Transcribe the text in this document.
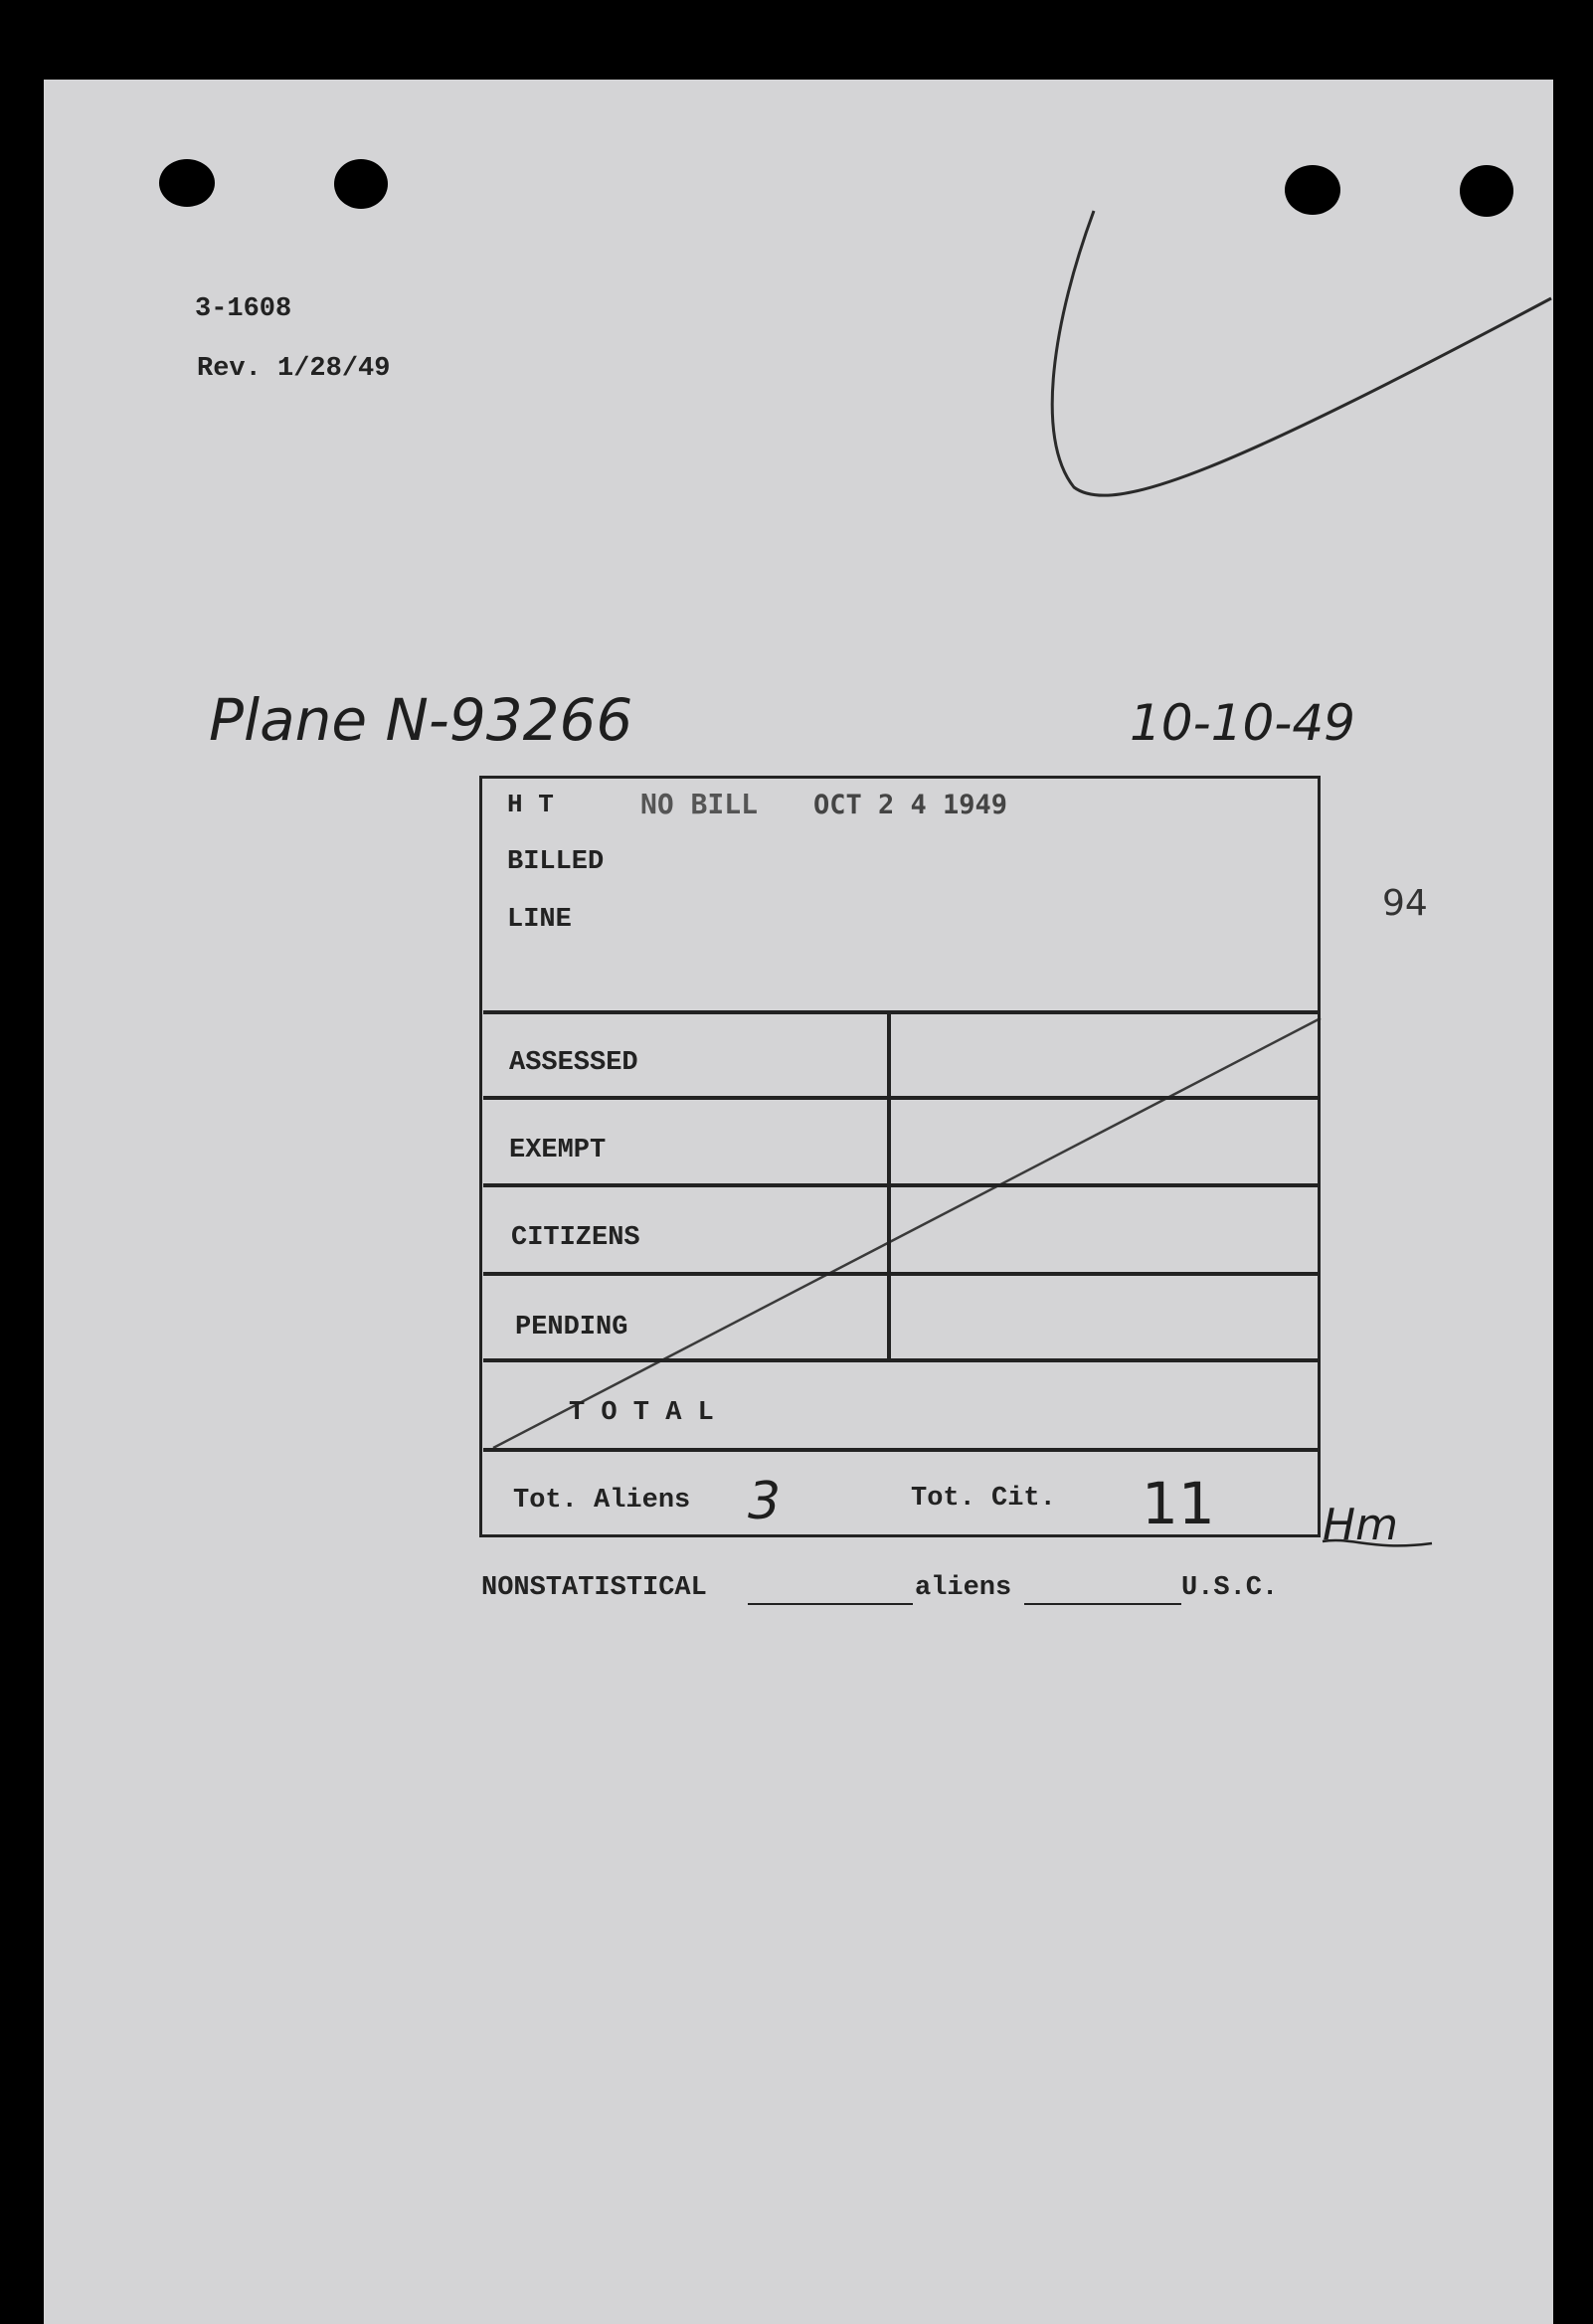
3-1608
Rev. 1/28/49
Plane N-93266	10-10-49
H T	NO BILL OCT 2 4 1949
BILLED
LINE	94
ASSESSED
EXEMPT
CITIZENS
PENDING
T O T A L
Tot. Aliens 3	Tot. Cit. 11 Hm
NONSTATISTICAL	aliens	U.S.C.
